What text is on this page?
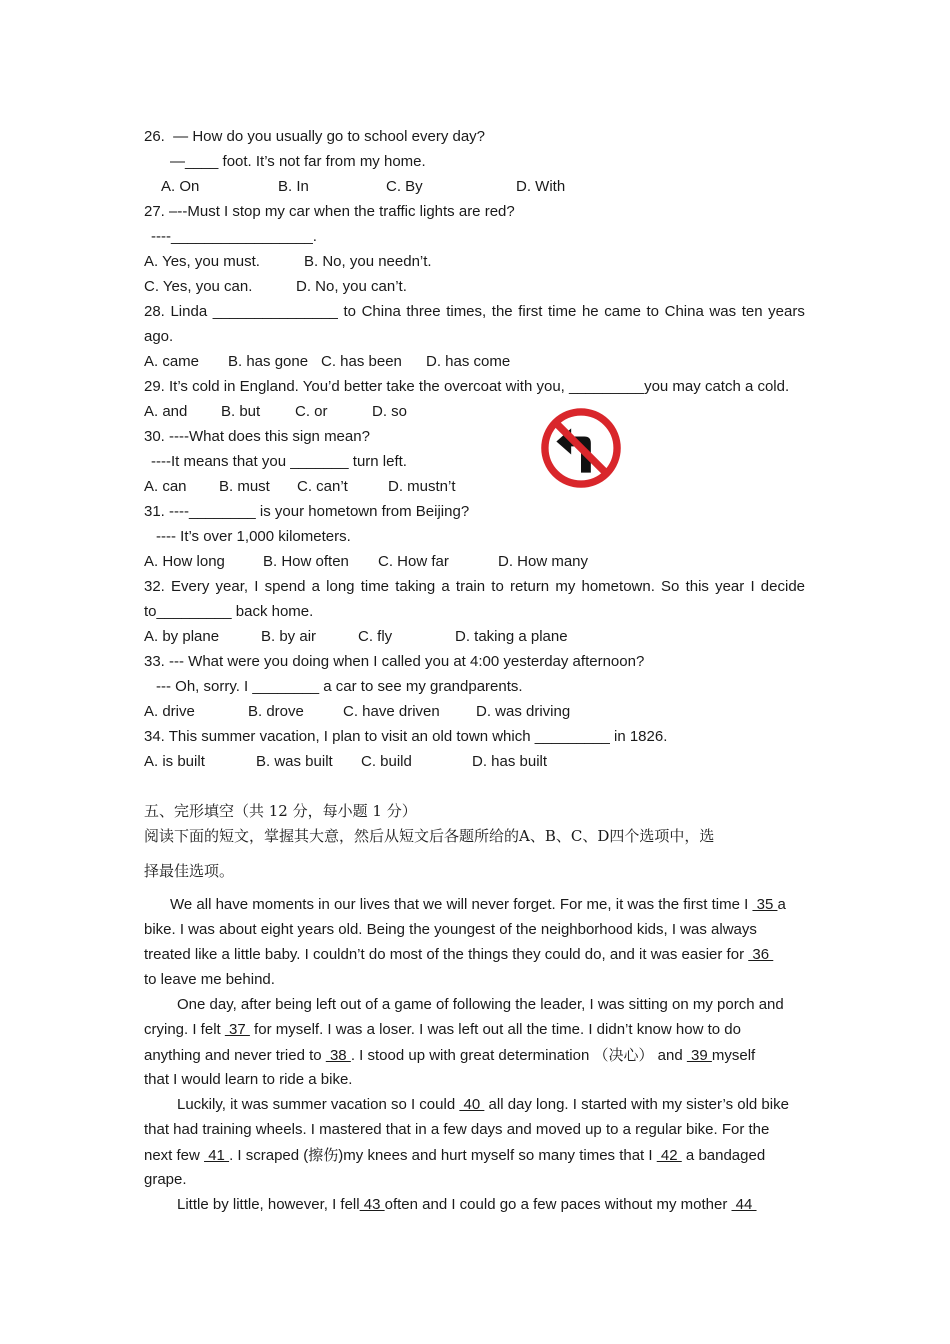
26.  — How do you usually go to school every day?
—____ foot. It’s not far from my home.
A. On	B. In	C. By	D. With
27. –--Must I stop my car when the traffic lights are red?
----_________________.
A. Yes, you must.	B. No, you needn’t.
C. Yes, you can.	D. No, you can’t.
28. Linda _______________ to China three times, the first time he came to China was ten years
ago.
A. came B. has gone C. has been D. has come
29. It’s cold in England. You’d better take the overcoat with you, _________you may catch a cold.
A. and B. but C. or	D. so
30. ----What does this sign mean?
----It means that you _______ turn left.
A. can B. must C. can’t	D. mustn’t
31. ----________ is your hometown from Beijing?
---- It’s over 1,000 kilometers.
A. How long	B. How often C. How far	D. How many
32. Every year, I spend a long time taking a train to return my hometown. So this year I decide
to_________ back home.
A. by plane	B. by air	C. fly	D. taking a plane
33. --- What were you doing when I called you at 4:00 yesterday afternoon?
--- Oh, sorry. I ________ a car to see my grandparents.
A. drive	B. drove	C. have driven D. was driving
34. This summer vacation, I plan to visit an old town which _________ in 1826.
A. is built	B. was built C. build	D. has built
五、完形填空（共 12 分，每小题 1 分）
阅读下面的短文，掌握其大意，然后从短文后各题所给的A、B、C、D四个选项中，选
择最佳选项。
We all have moments in our lives that we will never forget. For me, it was the first time I  35 a
bike. I was about eight years old. Being the youngest of the neighborhood kids, I was always
treated like a little baby. I couldn’t do most of the things they could do, and it was easier for  36
to leave me behind.
One day, after being left out of a game of following the leader, I was sitting on my porch and
crying. I felt  37  for myself. I was a loser. I was left out all the time. I didn’t know how to do
anything and never tried to  38 . I stood up with great determination （决心） and  39 myself
that I would learn to ride a bike.
Luckily, it was summer vacation so I could  40  all day long. I started with my sister’s old bike
that had training wheels. I mastered that in a few days and moved up to a regular bike. For the
next few  41 . I scraped (擦伤)my knees and hurt myself so many times that I  42  a bandaged
grape.
Little by little, however, I fell 43 often and I could go a few paces without my mother  44
